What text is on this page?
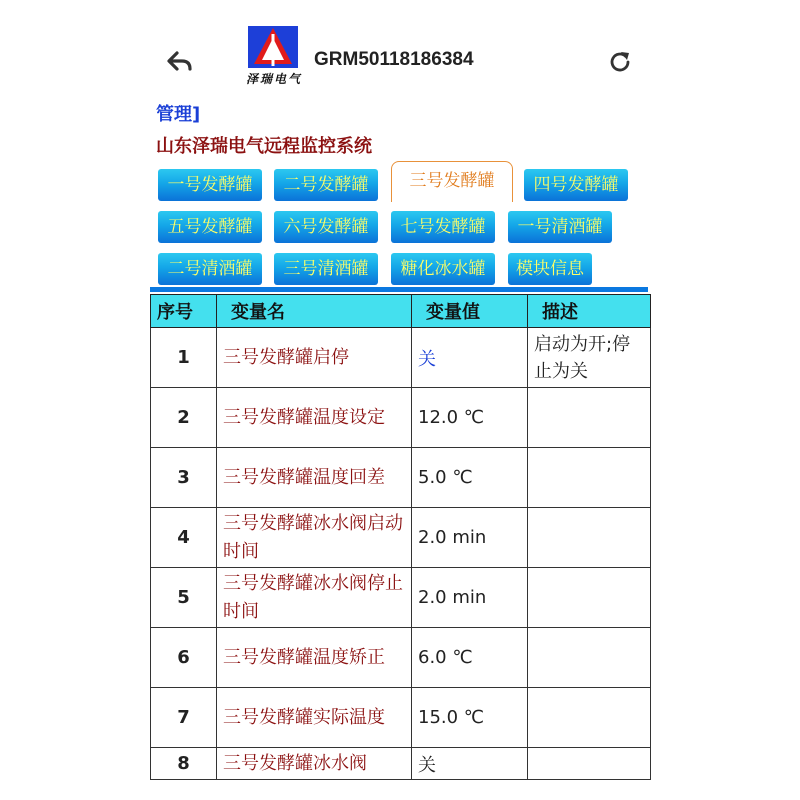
泽瑞电气
GRM50118186384
管理]
山东泽瑞电气远程监控系统
一号发酵罐	二号发酵罐	三号发酵罐	四号发酵罐
五号发酵罐	六号发酵罐	七号发酵罐	一号清酒罐
二号清酒罐	三号清酒罐	糖化冰水罐	模块信息
序号	变量名	变量值	描述
1	三号发酵罐启停	关	启动为开;停止为关
2	三号发酵罐温度设定	12.0 ℃	
3	三号发酵罐温度回差	5.0 ℃	
4	三号发酵罐冰水阀启动时间	2.0 min	
5	三号发酵罐冰水阀停止时间	2.0 min	
6	三号发酵罐温度矫正	6.0 ℃	
7	三号发酵罐实际温度	15.0 ℃	
8	三号发酵罐冰水阀	关	
